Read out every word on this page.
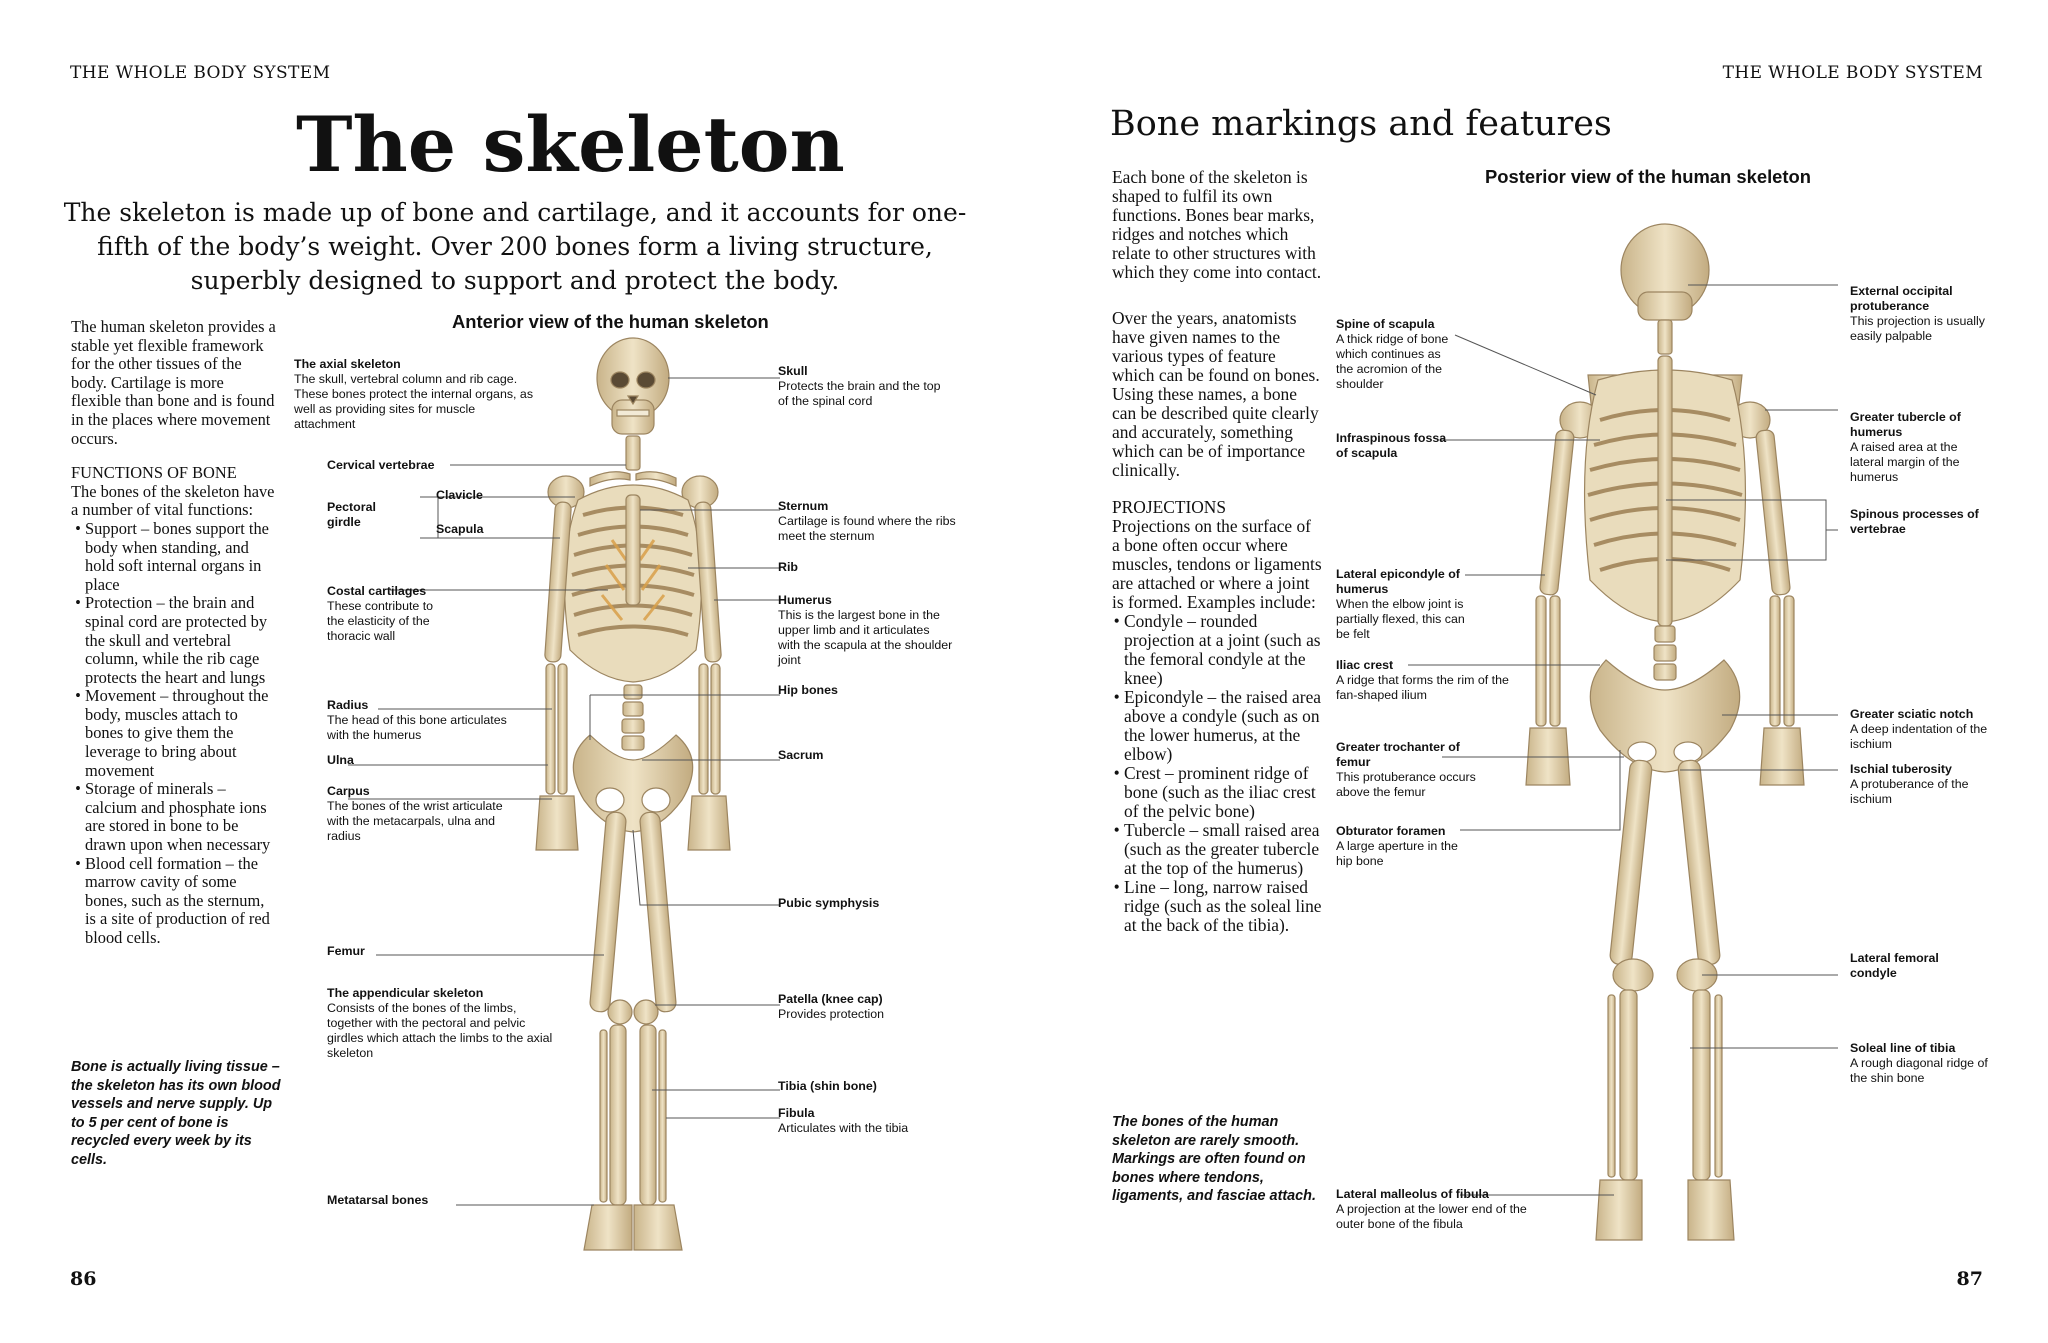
THE WHOLE BODY SYSTEM	THE WHOLE BODY SYSTEM
86	87
The skeleton
The skeleton is made up of bone and cartilage, and it accounts for one-fifth of the body’s weight. Over 200 bones form a living structure, superbly designed to support and protect the body.

The human skeleton provides a stable yet flexible framework for the other tissues of the body. Cartilage is more flexible than bone and is found in the places where movement occurs.

FUNCTIONS OF BONE

The bones of the skeleton have a number of vital functions:

• Support – bones support the body when standing, and hold soft internal organs in place
• Protection – the brain and spinal cord are protected by the skull and vertebral column, while the rib cage protects the heart and lungs
• Movement – throughout the body, muscles attach to bones to give them the leverage to bring about movement
• Storage of minerals – calcium and phosphate ions are stored in bone to be drawn upon when necessary
• Blood cell formation – the marrow cavity of some bones, such as the sternum, is a site of production of red blood cells.
Bone is actually living tissue – the skeleton has its own blood vessels and nerve supply. Up to 5 per cent of bone is recycled every week by its cells.
Anterior view of the human skeleton
Bone markings and features

Each bone of the skeleton is shaped to fulfil its own functions. Bones bear marks, ridges and notches which relate to other structures with which they come into contact.

Over the years, anatomists have given names to the various types of feature which can be found on bones. Using these names, a bone can be described quite clearly and accurately, something which can be of importance clinically.

PROJECTIONS

Projections on the surface of a bone often occur where muscles, tendons or ligaments are attached or where a joint is formed. Examples include:

• Condyle – rounded projection at a joint (such as the femoral condyle at the knee)
• Epicondyle – the raised area above a condyle (such as on the lower humerus, at the elbow)
• Crest – prominent ridge of bone (such as the iliac crest of the pelvic bone)
• Tubercle – small raised area (such as the greater tubercle at the top of the humerus)
• Line – long, narrow raised ridge (such as the soleal line at the back of the tibia).
The bones of the human skeleton are rarely smooth. Markings are often found on bones where tendons, ligaments, and fasciae attach.
Posterior view of the human skeleton
The axial skeleton
The skull, vertebral column and rib cage. These bones protect the internal organs, as well as providing sites for muscle attachment
Cervical vertebrae
Pectoral girdle
Clavicle
Scapula
Costal cartilages
These contribute to the elasticity of the thoracic wall
Radius
The head of this bone articulates with the humerus
Ulna
Carpus
The bones of the wrist articulate with the metacarpals, ulna and radius
Femur
The appendicular skeleton
Consists of the bones of the limbs, together with the pectoral and pelvic girdles which attach the limbs to the axial skeleton
Metatarsal bones
Skull
Protects the brain and the top of the spinal cord
Sternum
Cartilage is found where the ribs meet the sternum
Rib
Humerus
This is the largest bone in the upper limb and it articulates with the scapula at the shoulder joint
Hip bones
Sacrum
Pubic symphysis
Patella (knee cap)
Provides protection
Tibia (shin bone)
Fibula
Articulates with the tibia
Spine of scapula
A thick ridge of bone which continues as the acromion of the shoulder
Infraspinous fossa of scapula
Lateral epicondyle of humerus
When the elbow joint is partially flexed, this can be felt
Iliac crest
A ridge that forms the rim of the fan-shaped ilium
Greater trochanter of femur
This protuberance occurs above the femur
Obturator foramen
A large aperture in the hip bone
Lateral malleolus of fibula
A projection at the lower end of the outer bone of the fibula
External occipital protuberance
This projection is usually easily palpable
Greater tubercle of humerus
A raised area at the lateral margin of the humerus
Spinous processes of vertebrae
Greater sciatic notch
A deep indentation of the ischium
Ischial tuberosity
A protuberance of the ischium
Lateral femoral condyle
Soleal line of tibia
A rough diagonal ridge of the shin bone
